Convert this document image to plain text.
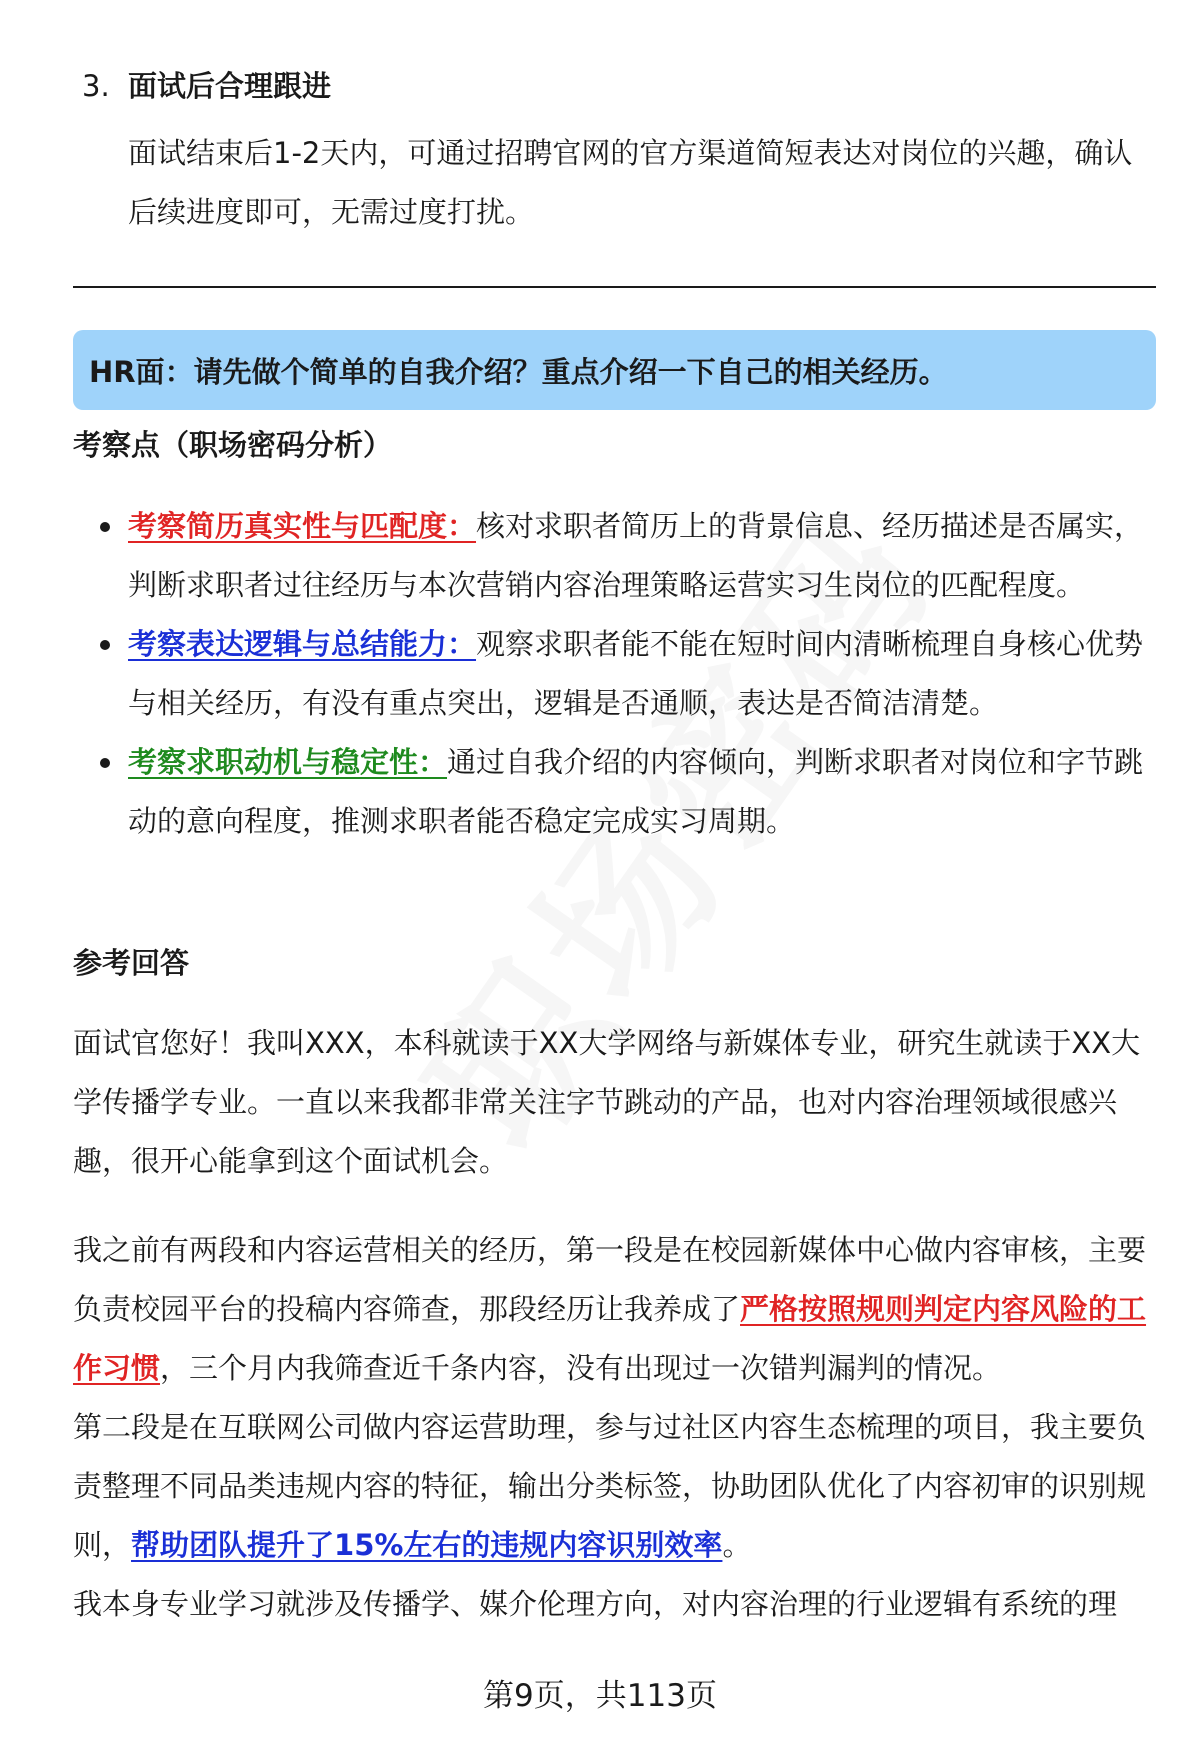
3. 面试后合理跟进
面试结束后1-2天内，可通过招聘官网的官方渠道简短表达对岗位的兴趣，确认后续进度即可，无需过度打扰。
HR面：请先做个简单的自我介绍？重点介绍一下自己的相关经历。
考察点（职场密码分析）
考察简历真实性与匹配度：核对求职者简历上的背景信息、经历描述是否属实，判断求职者过往经历与本次营销内容治理策略运营实习生岗位的匹配程度。
考察表达逻辑与总结能力：观察求职者能不能在短时间内清晰梳理自身核心优势与相关经历，有没有重点突出，逻辑是否通顺，表达是否简洁清楚。
考察求职动机与稳定性：通过自我介绍的内容倾向，判断求职者对岗位和字节跳动的意向程度，推测求职者能否稳定完成实习周期。
参考回答
面试官您好！我叫XXX，本科就读于XX大学网络与新媒体专业，研究生就读于XX大学传播学专业。一直以来我都非常关注字节跳动的产品，也对内容治理领域很感兴趣，很开心能拿到这个面试机会。
我之前有两段和内容运营相关的经历，第一段是在校园新媒体中心做内容审核，主要负责校园平台的投稿内容筛查，那段经历让我养成了严格按照规则判定内容风险的工作习惯，三个月内我筛查近千条内容，没有出现过一次错判漏判的情况。
第二段是在互联网公司做内容运营助理，参与过社区内容生态梳理的项目，我主要负责整理不同品类违规内容的特征，输出分类标签，协助团队优化了内容初审的识别规则，帮助团队提升了15%左右的违规内容识别效率。
我本身专业学习就涉及传播学、媒介伦理方向，对内容治理的行业逻辑有系统的理
第9页，共113页
